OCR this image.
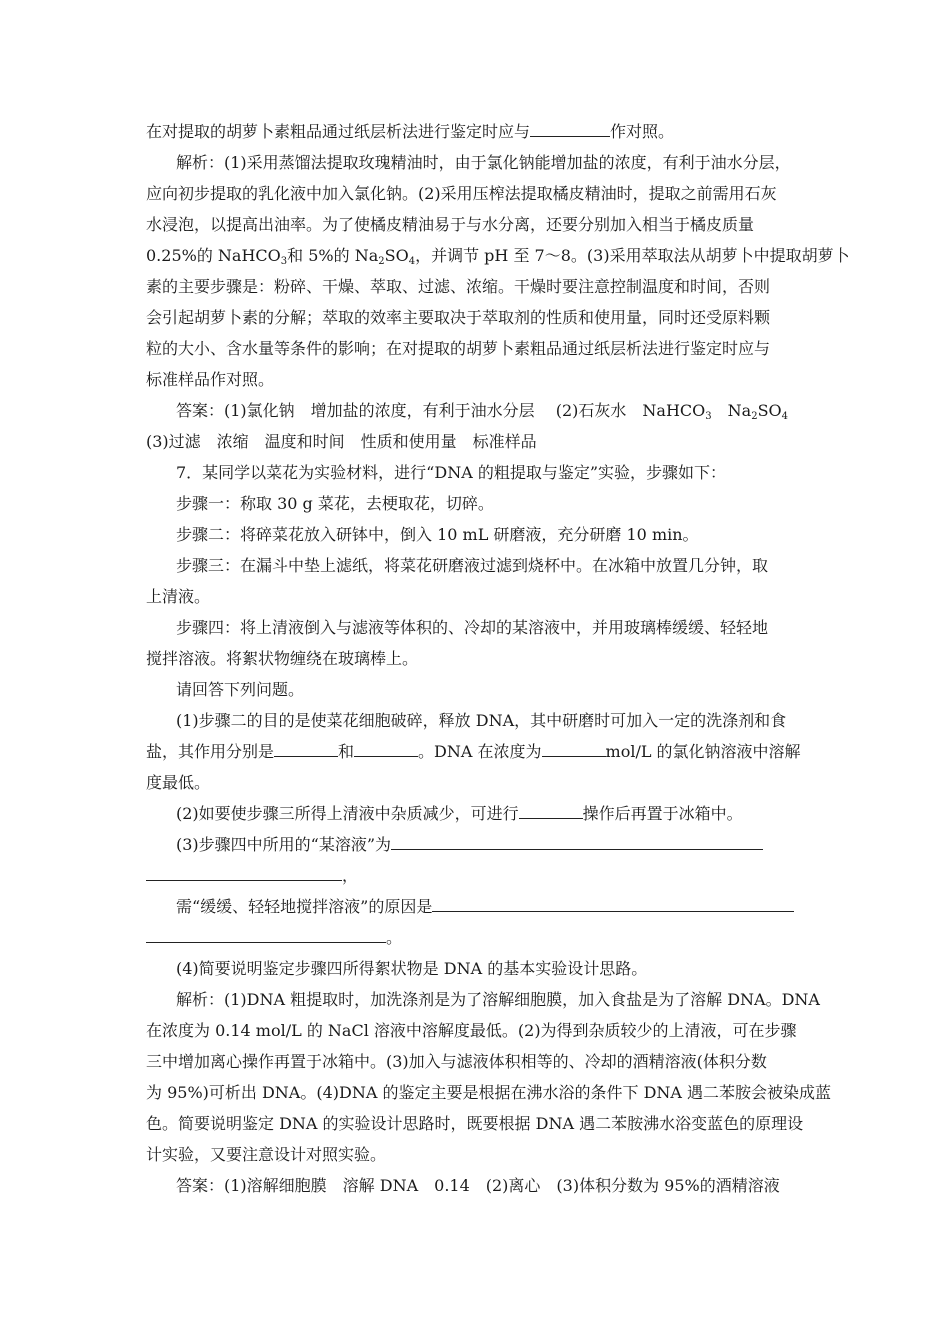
在对提取的胡萝卜素粗品通过纸层析法进行鉴定时应与	作对照。
解析：(1)采用蒸馏法提取玫瑰精油时，由于氯化钠能增加盐的浓度，有利于油水分层，
应向初步提取的乳化液中加入氯化钠。(2)采用压榨法提取橘皮精油时，提取之前需用石灰
水浸泡，以提高出油率。为了使橘皮精油易于与水分离，还要分别加入相当于橘皮质量
0.25%的 NaHCO$_3$和 5%的 $Na_2SO_4$，并调节 pH 至 7～8。(3)采用萃取法从胡萝卜中提取胡萝卜
素的主要步骤是：粉碎、干燥、萃取、过滤、浓缩。干燥时要注意控制温度和时间，否则
会引起胡萝卜素的分解；萃取的效率主要取决于萃取剂的性质和使用量，同时还受原料颗
粒的大小、含水量等条件的影响；在对提取的胡萝卜素粗品通过纸层析法进行鉴定时应与
标准样品作对照。
答案：(1)氯化钠　增加盐的浓度，有利于油水分层　 (2)石灰水　NaHCO$_3$　$Na_2SO_4$
(3)过滤　浓缩　温度和时间　性质和使用量　标准样品
7．某同学以菜花为实验材料，进行“DNA 的粗提取与鉴定”实验，步骤如下：
步骤一：称取 30 g 菜花，去梗取花，切碎。
步骤二：将碎菜花放入研钵中，倒入 10 mL 研磨液，充分研磨 10 min。
步骤三：在漏斗中垫上滤纸，将菜花研磨液过滤到烧杯中。在冰箱中放置几分钟，取
上清液。
步骤四：将上清液倒入与滤液等体积的、冷却的某溶液中，并用玻璃棒缓缓、轻轻地
搅拌溶液。将絮状物缠绕在玻璃棒上。
请回答下列问题。
(1)步骤二的目的是使菜花细胞破碎，释放 DNA，其中研磨时可加入一定的洗涤剂和食
盐，其作用分别是	和	。DNA 在浓度为	mol/L 的氯化钠溶液中溶解
度最低。
(2)如要使步骤三所得上清液中杂质减少，可进行	操作后再置于冰箱中。
(3)步骤四中所用的“某溶液”为
，
需“缓缓、轻轻地搅拌溶液”的原因是
。
(4)简要说明鉴定步骤四所得絮状物是 DNA 的基本实验设计思路。
解析：(1)DNA 粗提取时，加洗涤剂是为了溶解细胞膜，加入食盐是为了溶解 DNA。DNA
在浓度为 0.14 mol/L 的 NaCl 溶液中溶解度最低。(2)为得到杂质较少的上清液，可在步骤
三中增加离心操作再置于冰箱中。(3)加入与滤液体积相等的、冷却的酒精溶液(体积分数
为 95%)可析出 DNA。(4)DNA 的鉴定主要是根据在沸水浴的条件下 DNA 遇二苯胺会被染成蓝
色。简要说明鉴定 DNA 的实验设计思路时，既要根据 DNA 遇二苯胺沸水浴变蓝色的原理设
计实验，又要注意设计对照实验。
答案：(1)溶解细胞膜　溶解 DNA　0.14　(2)离心　(3)体积分数为 95%的酒精溶液
